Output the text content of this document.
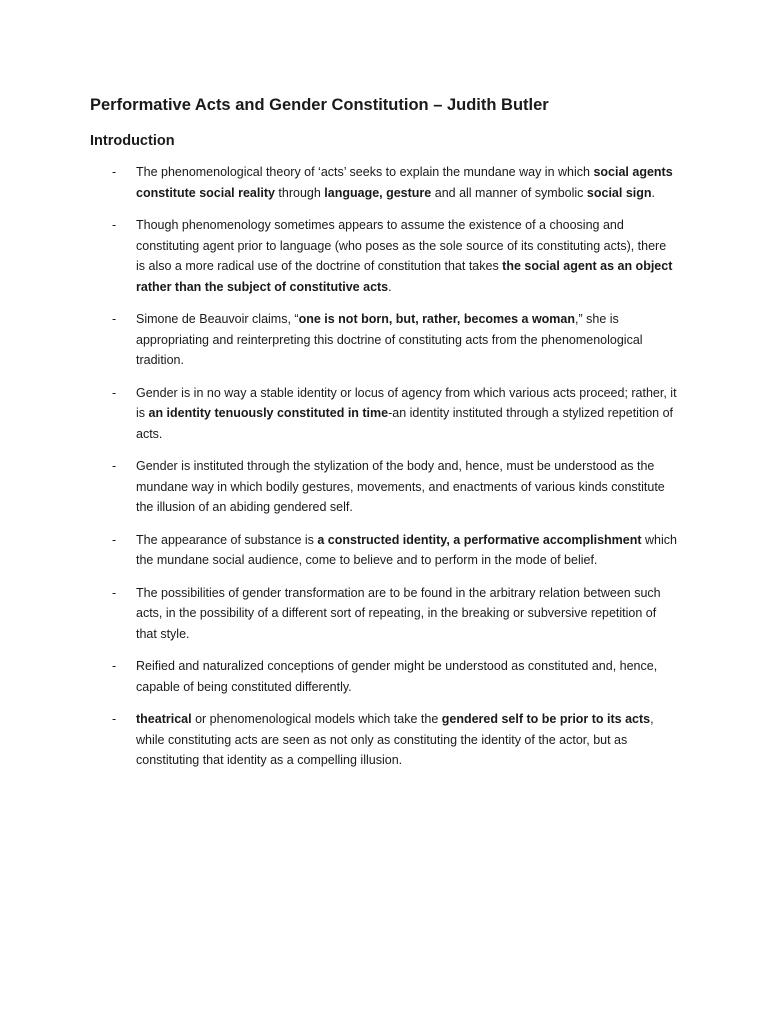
Performative Acts and Gender Constitution – Judith Butler
Introduction
- The phenomenological theory of ‘acts’ seeks to explain the mundane way in which social agents constitute social reality through language, gesture and all manner of symbolic social sign.
- Though phenomenology sometimes appears to assume the existence of a choosing and constituting agent prior to language (who poses as the sole source of its constituting acts), there is also a more radical use of the doctrine of constitution that takes the social agent as an object rather than the subject of constitutive acts.
- Simone de Beauvoir claims, “one is not born, but, rather, becomes a woman,” she is appropriating and reinterpreting this doctrine of constituting acts from the phenomenological tradition.
- Gender is in no way a stable identity or locus of agency from which various acts proceed; rather, it is an identity tenuously constituted in time-an identity instituted through a stylized repetition of acts.
- Gender is instituted through the stylization of the body and, hence, must be understood as the mundane way in which bodily gestures, movements, and enactments of various kinds constitute the illusion of an abiding gendered self.
- The appearance of substance is a constructed identity, a performative accomplishment which the mundane social audience, come to believe and to perform in the mode of belief.
- The possibilities of gender transformation are to be found in the arbitrary relation between such acts, in the possibility of a different sort of repeating, in the breaking or subversive repetition of that style.
- Reified and naturalized conceptions of gender might be understood as constituted and, hence, capable of being constituted differently.
- theatrical or phenomenological models which take the gendered self to be prior to its acts, while constituting acts are seen as not only as constituting the identity of the actor, but as constituting that identity as a compelling illusion.
